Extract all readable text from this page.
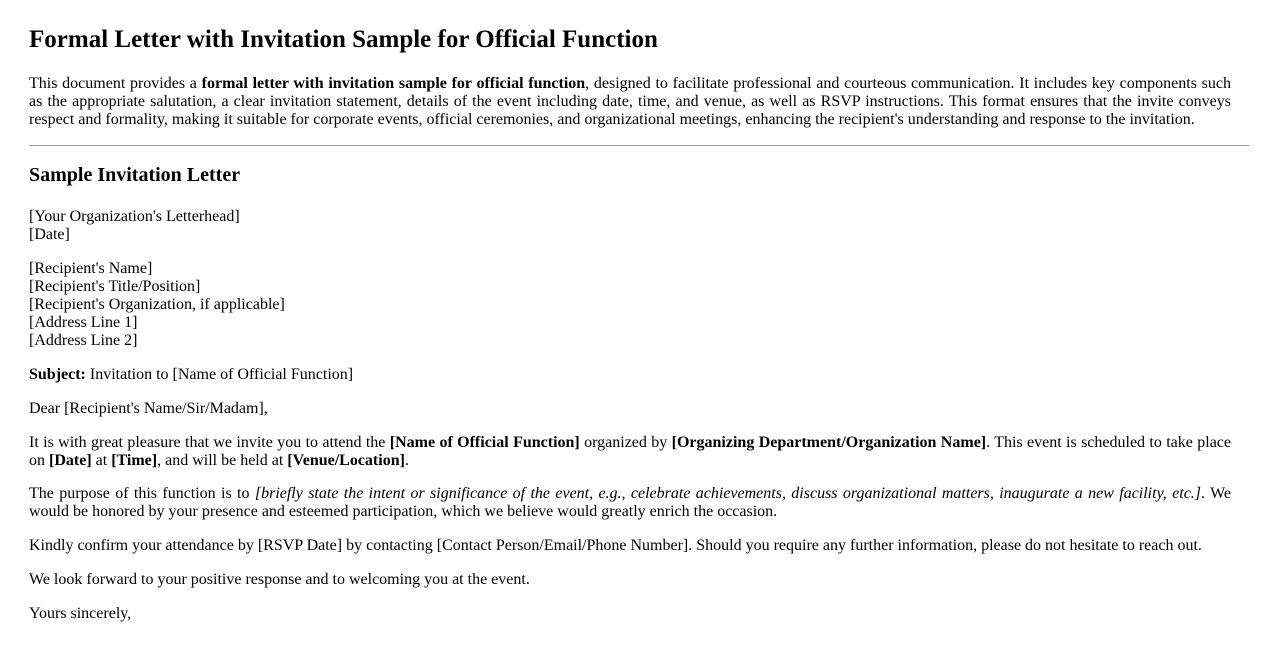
Formal Letter with Invitation Sample for Official Function

This document provides a formal letter with invitation sample for official function, designed to facilitate professional and courteous communication. It includes key components such as the appropriate salutation, a clear invitation statement, details of the event including date, time, and venue, as well as RSVP instructions. This format ensures that the invite conveys respect and formality, making it suitable for corporate events, official ceremonies, and organizational meetings, enhancing the recipient's understanding and response to the invitation.

Sample Invitation Letter

[Your Organization's Letterhead]
[Date]

[Recipient's Name]
[Recipient's Title/Position]
[Recipient's Organization, if applicable]
[Address Line 1]
[Address Line 2]

Subject: Invitation to [Name of Official Function]

Dear [Recipient's Name/Sir/Madam],

It is with great pleasure that we invite you to attend the [Name of Official Function] organized by [Organizing Department/Organization Name]. This event is scheduled to take place on [Date] at [Time], and will be held at [Venue/Location].

The purpose of this function is to [briefly state the intent or significance of the event, e.g., celebrate achievements, discuss organizational matters, inaugurate a new facility, etc.]. We would be honored by your presence and esteemed participation, which we believe would greatly enrich the occasion.

Kindly confirm your attendance by [RSVP Date] by contacting [Contact Person/Email/Phone Number]. Should you require any further information, please do not hesitate to reach out.

We look forward to your positive response and to welcoming you at the event.

Yours sincerely,
